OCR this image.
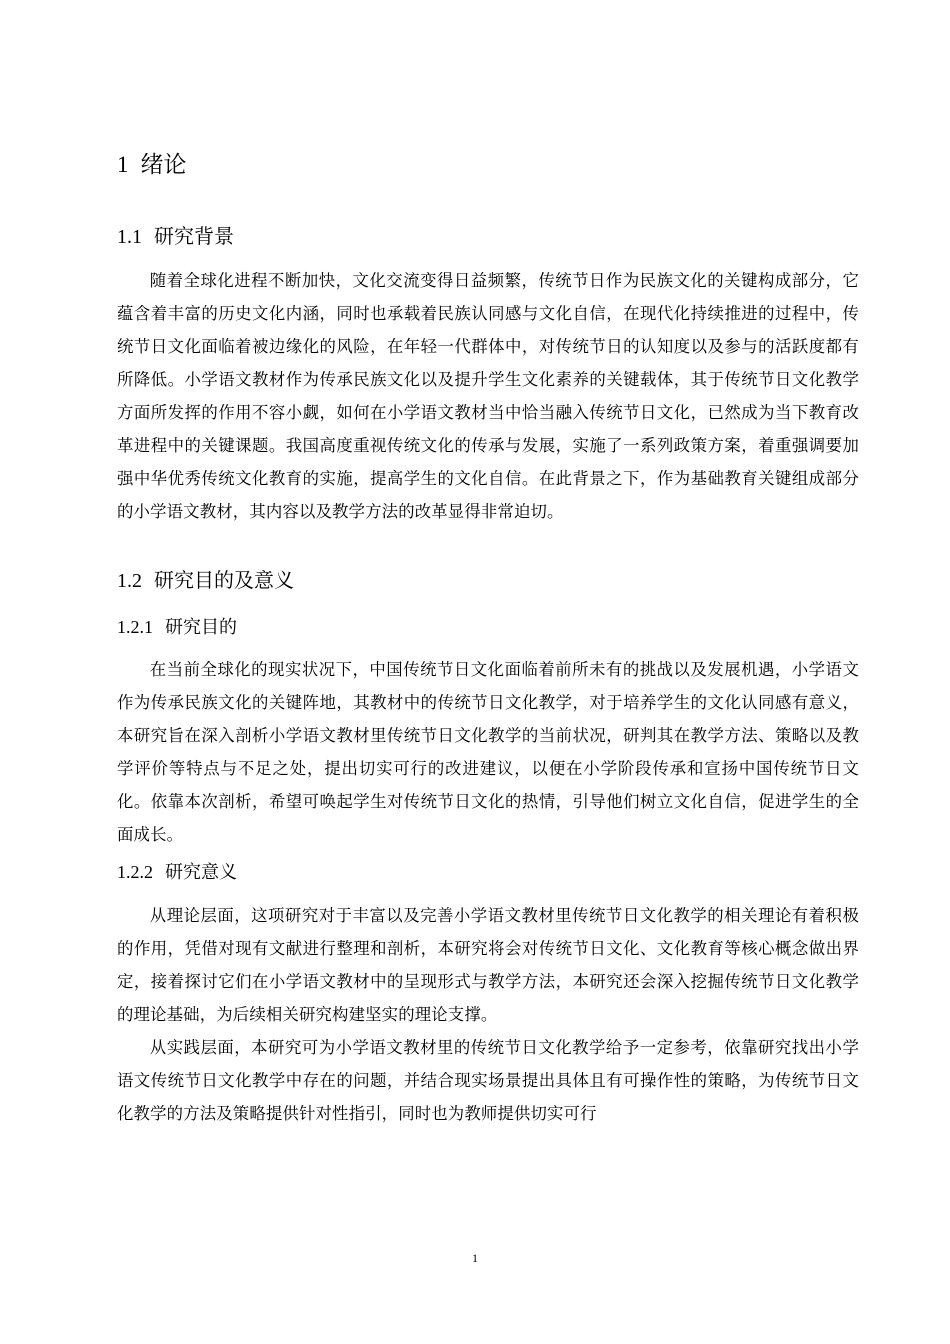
1 绪论
1.1 研究背景

随着全球化进程不断加快，文化交流变得日益频繁，传统节日作为民族文化的关键构成部分，它蕴含着丰富的历史文化内涵，同时也承载着民族认同感与文化自信，在现代化持续推进的过程中，传统节日文化面临着被边缘化的风险，在年轻一代群体中，对传统节日的认知度以及参与的活跃度都有所降低。小学语文教材作为传承民族文化以及提升学生文化素养的关键载体，其于传统节日文化教学方面所发挥的作用不容小觑，如何在小学语文教材当中恰当融入传统节日文化，已然成为当下教育改革进程中的关键课题。我国高度重视传统文化的传承与发展，实施了一系列政策方案，着重强调要加强中华优秀传统文化教育的实施，提高学生的文化自信。在此背景之下，作为基础教育关键组成部分的小学语文教材，其内容以及教学方法的改革显得非常迫切。

1.2 研究目的及意义
1.2.1 研究目的

在当前全球化的现实状况下，中国传统节日文化面临着前所未有的挑战以及发展机遇，小学语文作为传承民族文化的关键阵地，其教材中的传统节日文化教学，对于培养学生的文化认同感有意义，本研究旨在深入剖析小学语文教材里传统节日文化教学的当前状况，研判其在教学方法、策略以及教学评价等特点与不足之处，提出切实可行的改进建议，以便在小学阶段传承和宣扬中国传统节日文化。依靠本次剖析，希望可唤起学生对传统节日文化的热情，引导他们树立文化自信，促进学生的全面成长。

1.2.2 研究意义

从理论层面，这项研究对于丰富以及完善小学语文教材里传统节日文化教学的相关理论有着积极的作用，凭借对现有文献进行整理和剖析，本研究将会对传统节日文化、文化教育等核心概念做出界定，接着探讨它们在小学语文教材中的呈现形式与教学方法，本研究还会深入挖掘传统节日文化教学的理论基础，为后续相关研究构建坚实的理论支撑。

从实践层面，本研究可为小学语文教材里的传统节日文化教学给予一定参考，依靠研究找出小学语文传统节日文化教学中存在的问题，并结合现实场景提出具体且有可操作性的策略，为传统节日文化教学的方法及策略提供针对性指引，同时也为教师提供切实可行

1
